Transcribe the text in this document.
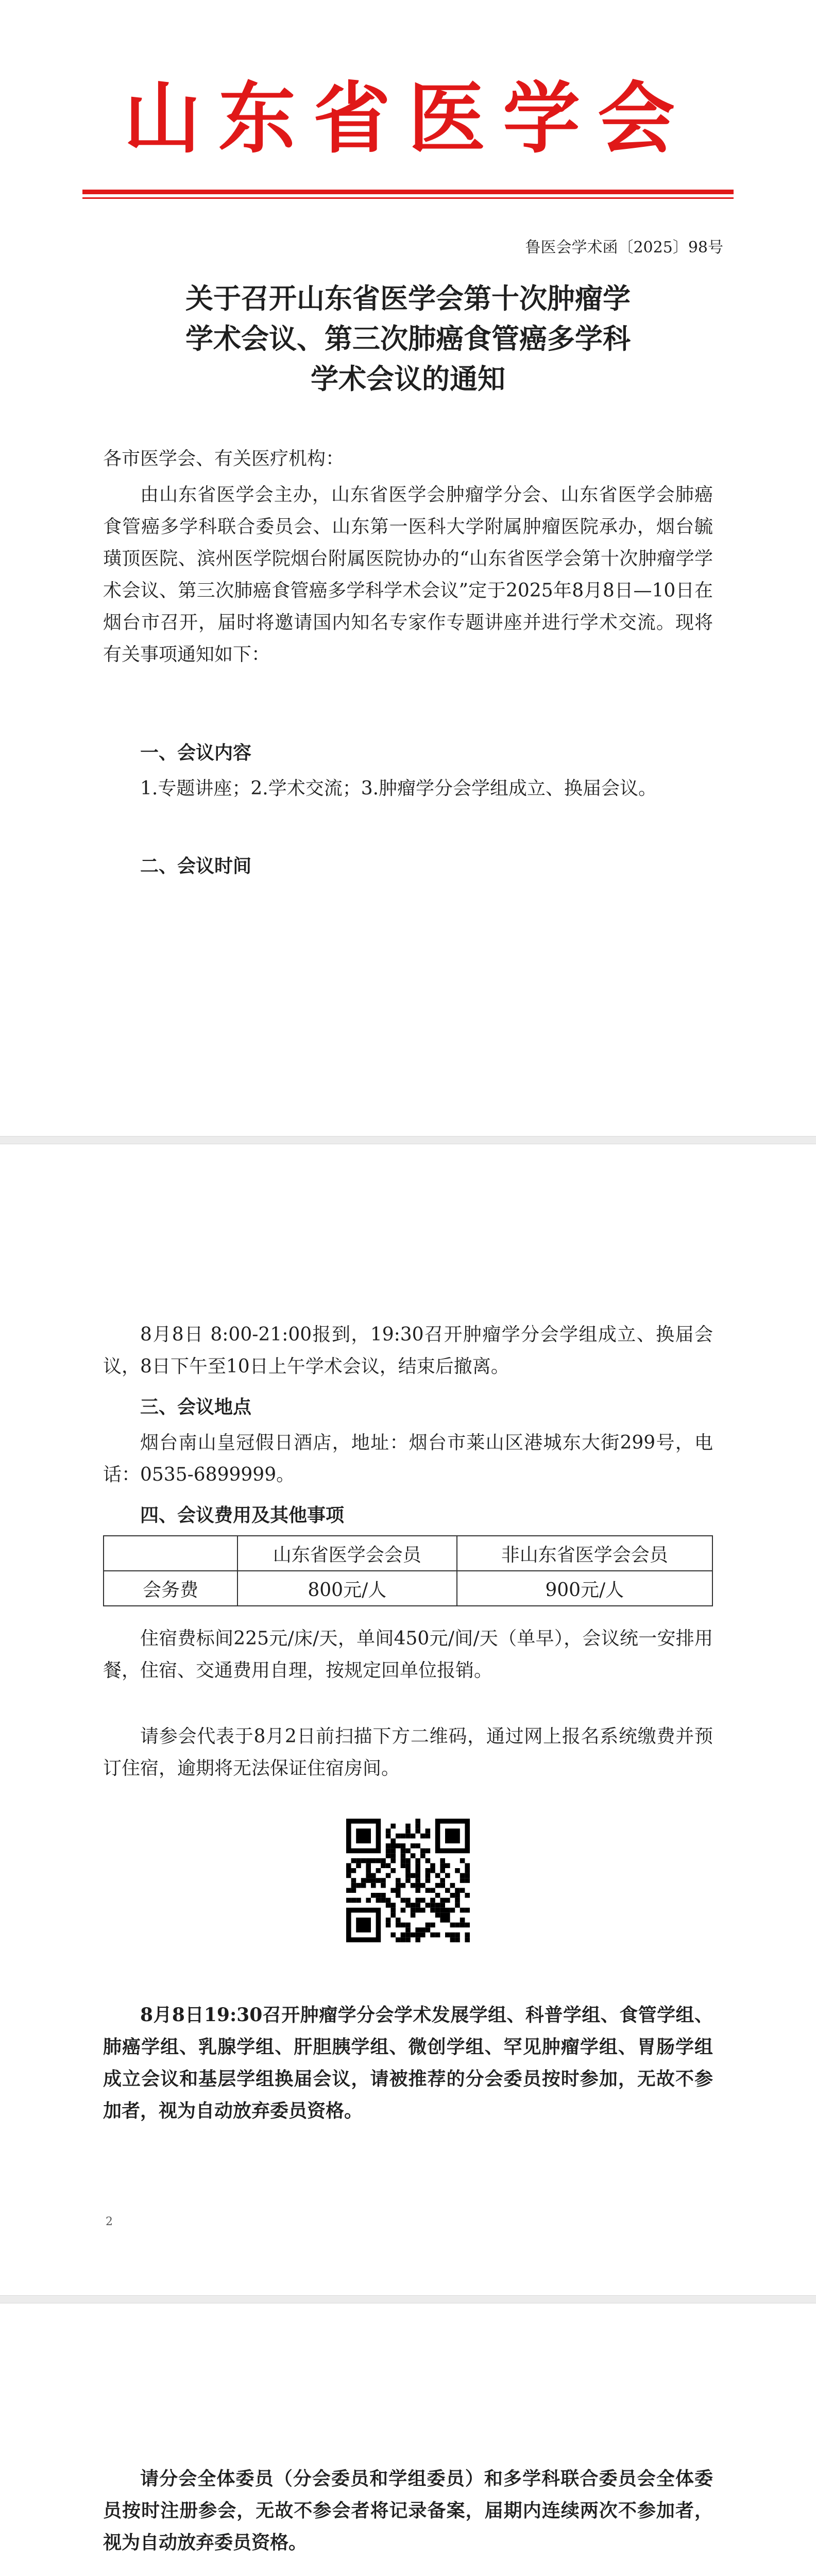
山东省医学会
鲁医会学术函〔2025〕98号
关于召开山东省医学会第十次肿瘤学
学术会议、第三次肺癌食管癌多学科
学术会议的通知
各市医学会、有关医疗机构：
由山东省医学会主办，山东省医学会肿瘤学分会、山东省医学会肺癌食管癌多学科联合委员会、山东第一医科大学附属肿瘤医院承办，烟台毓璜顶医院、滨州医学院烟台附属医院协办的“山东省医学会第十次肿瘤学学术会议、第三次肺癌食管癌多学科学术会议”定于2025年8月8日—10日在烟台市召开，届时将邀请国内知名专家作专题讲座并进行学术交流。现将有关事项通知如下：
一、会议内容
1.专题讲座；2.学术交流；3.肿瘤学分会学组成立、换届会议。
二、会议时间
8月8日 8:00-21:00报到，19:30召开肿瘤学分会学组成立、换届会议，8日下午至10日上午学术会议，结束后撤离。
三、会议地点
烟台南山皇冠假日酒店，地址：烟台市莱山区港城东大街299号，电话：0535-6899999。
四、会议费用及其他事项
	山东省医学会会员	非山东省医学会会员
会务费	800元/人	900元/人
住宿费标间225元/床/天，单间450元/间/天（单早），会议统一安排用餐，住宿、交通费用自理，按规定回单位报销。
请参会代表于8月2日前扫描下方二维码，通过网上报名系统缴费并预订住宿，逾期将无法保证住宿房间。
8月8日19:30召开肿瘤学分会学术发展学组、科普学组、食管学组、肺癌学组、乳腺学组、肝胆胰学组、微创学组、罕见肿瘤学组、胃肠学组成立会议和基层学组换届会议，请被推荐的分会委员按时参加，无故不参加者，视为自动放弃委员资格。
2
请分会全体委员（分会委员和学组委员）和多学科联合委员会全体委员按时注册参会，无故不参会者将记录备案，届期内连续两次不参加者，视为自动放弃委员资格。
